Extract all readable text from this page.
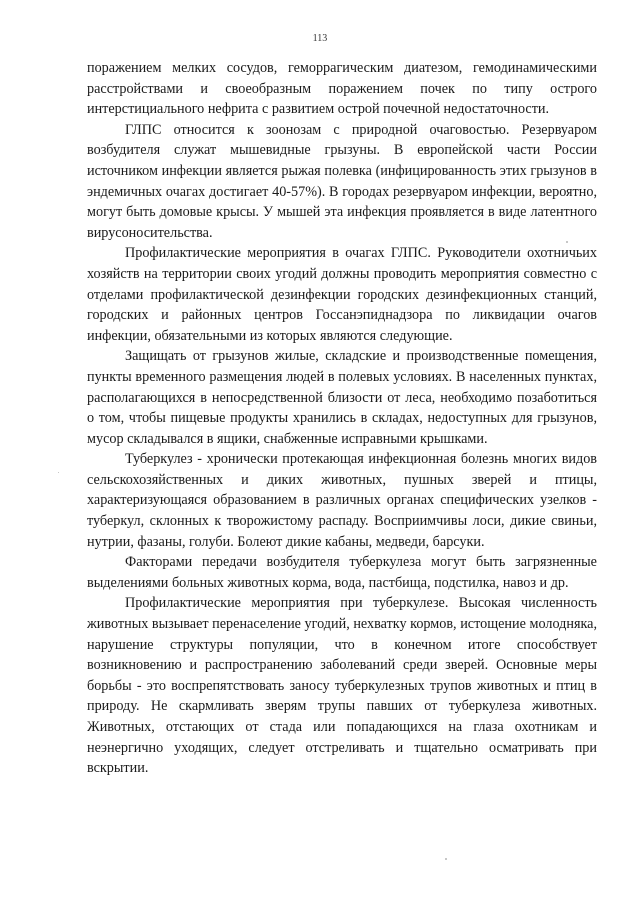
113

поражением мелких сосудов, геморрагическим диатезом, гемодинамическими расстройствами и своеобразным поражением почек по типу острого интерстициального нефрита с развитием острой почечной недостаточности.

ГЛПС относится к зоонозам с природной очаговостью. Резервуаром возбудителя служат мышевидные грызуны. В европейской части России источником инфекции является рыжая полевка (инфицированность этих грызунов в эндемичных очагах достигает 40-57%). В городах резервуаром инфекции, вероятно, могут быть домовые крысы. У мышей эта инфекция проявляется в виде латентного вирусоносительства.

Профилактические мероприятия в очагах ГЛПС. Руководители охотничьих хозяйств на территории своих угодий должны проводить мероприятия совместно с отделами профилактической дезинфекции городских дезинфекционных станций, городских и районных центров Госсанэпиднадзора по ликвидации очагов инфекции, обязательными из которых являются следующие.

Защищать от грызунов жилые, складские и производственные помещения, пункты временного размещения людей в полевых условиях. В населенных пунктах, располагающихся в непосредственной близости от леса, необходимо позаботиться о том, чтобы пищевые продукты хранились в складах, недоступных для грызунов, мусор складывался в ящики, снабженные исправными крышками.

Туберкулез - хронически протекающая инфекционная болезнь многих видов сельскохозяйственных и диких животных, пушных зверей и птицы, характеризующаяся образованием в различных органах специфических узелков - туберкул, склонных к творожистому распаду. Восприимчивы лоси, дикие свиньи, нутрии, фазаны, голуби. Болеют дикие кабаны, медведи, барсуки.

Факторами передачи возбудителя туберкулеза могут быть загрязненные выделениями больных животных корма, вода, пастбища, подстилка, навоз и др.

Профилактические мероприятия при туберкулезе. Высокая численность животных вызывает перенаселение угодий, нехватку кормов, истощение молодняка, нарушение структуры популяции, что в конечном итоге способствует возникновению и распространению заболеваний среди зверей. Основные меры борьбы - это воспрепятствовать заносу туберкулезных трупов животных и птиц в природу. Не скармливать зверям трупы павших от туберкулеза животных. Животных, отстающих от стада или попадающихся на глаза охотникам и неэнергично уходящих, следует отстреливать и тщательно осматривать при вскрытии.
